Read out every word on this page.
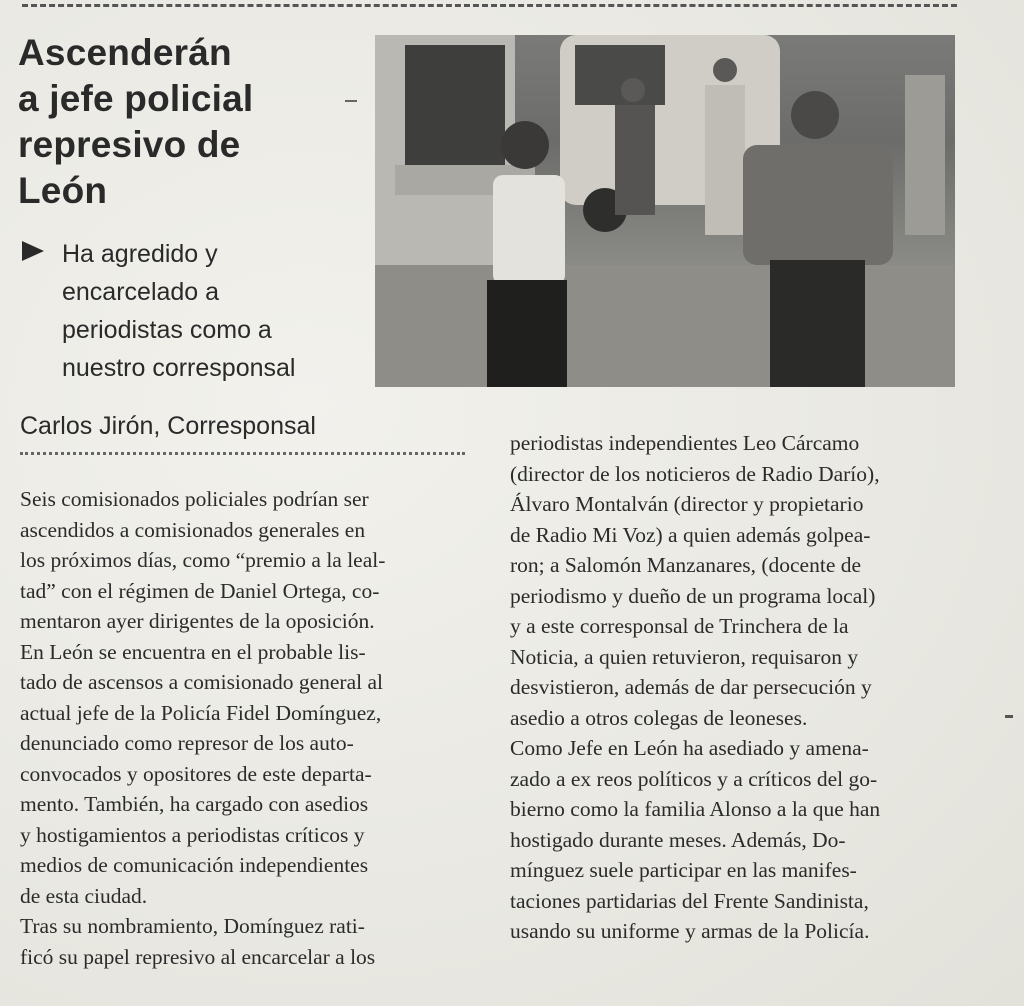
Ascenderán
a jefe policial
represivo de
León
Ha agredido y
encarcelado a
periodistas como a
nuestro corresponsal
Carlos Jirón, Corresponsal

Seis comisionados policiales podrían ser
ascendidos a comisionados generales en
los próximos días, como “premio a la leal-
tad” con el régimen de Daniel Ortega, co-
mentaron ayer dirigentes de la oposición.

En León se encuentra en el probable lis-
tado de ascensos a comisionado general al
actual jefe de la Policía Fidel Domínguez,
denunciado como represor de los auto-
convocados y opositores de este departa-
mento. También, ha cargado con asedios
y hostigamientos a periodistas críticos y
medios de comunicación independientes
de esta ciudad.

Tras su nombramiento, Domínguez rati-
ficó su papel represivo al encarcelar a los

periodistas independientes Leo Cárcamo
(director de los noticieros de Radio Darío),
Álvaro Montalván (director y propietario
de Radio Mi Voz) a quien además golpea-
ron; a Salomón Manzanares, (docente de
periodismo y dueño de un programa local)
y a este corresponsal de Trinchera de la
Noticia, a quien retuvieron, requisaron y
desvistieron, además de dar persecución y
asedio a otros colegas de leoneses.

Como Jefe en León ha asediado y amena-
zado a ex reos políticos y a críticos del go-
bierno como la familia Alonso a la que han
hostigado durante meses. Además, Do-
mínguez suele participar en las manifes-
taciones partidarias del Frente Sandinista,
usando su uniforme y armas de la Policía.
